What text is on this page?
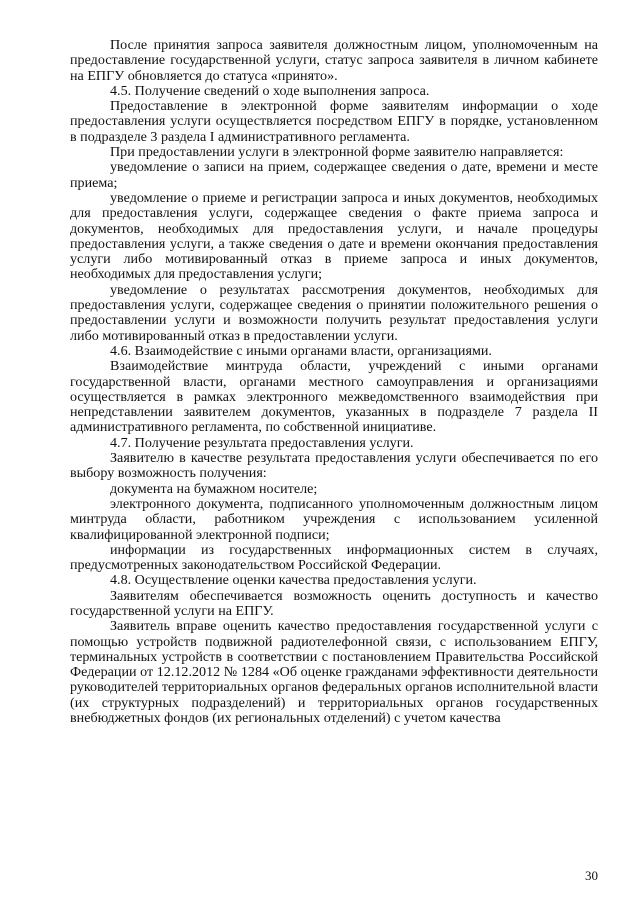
После принятия запроса заявителя должностным лицом, уполномоченным на предоставление государственной услуги, статус запроса заявителя в личном кабинете на ЕПГУ обновляется до статуса «принято».

4.5. Получение сведений о ходе выполнения запроса.

Предоставление в электронной форме заявителям информации о ходе предоставления услуги осуществляется посредством ЕПГУ в порядке, установленном в подразделе 3 раздела I административного регламента.

При предоставлении услуги в электронной форме заявителю направляется:

уведомление о записи на прием, содержащее сведения о дате, времени и месте приема;

уведомление о приеме и регистрации запроса и иных документов, необходимых для предоставления услуги, содержащее сведения о факте приема запроса и документов, необходимых для предоставления услуги, и начале процедуры предоставления услуги, а также сведения о дате и времени окончания предоставления услуги либо мотивированный отказ в приеме запроса и иных документов, необходимых для предоставления услуги;

уведомление о результатах рассмотрения документов, необходимых для предоставления услуги, содержащее сведения о принятии положительного решения о предоставлении услуги и возможности получить результат предоставления услуги либо мотивированный отказ в предоставлении услуги.

4.6. Взаимодействие с иными органами власти, организациями.

Взаимодействие минтруда области, учреждений с иными органами государственной власти, органами местного самоуправления и организациями осуществляется в рамках электронного межведомственного взаимодействия при непредставлении заявителем документов, указанных в подразделе 7 раздела II административного регламента, по собственной инициативе.

4.7. Получение результата предоставления услуги.

Заявителю в качестве результата предоставления услуги обеспечивается по его выбору возможность получения:

документа на бумажном носителе;

электронного документа, подписанного уполномоченным должностным лицом минтруда области, работником учреждения с использованием усиленной квалифицированной электронной подписи;

информации из государственных информационных систем в случаях, предусмотренных законодательством Российской Федерации.

4.8. Осуществление оценки качества предоставления услуги.

Заявителям обеспечивается возможность оценить доступность и качество государственной услуги на ЕПГУ.

Заявитель вправе оценить качество предоставления государственной услуги с помощью устройств подвижной радиотелефонной связи, с использованием ЕПГУ, терминальных устройств в соответствии с постановлением Правительства Российской Федерации от 12.12.2012 № 1284 «Об оценке гражданами эффективности деятельности руководителей территориальных органов федеральных органов исполнительной власти (их структурных подразделений) и территориальных органов государственных внебюджетных фондов (их региональных отделений) с учетом качества

30
